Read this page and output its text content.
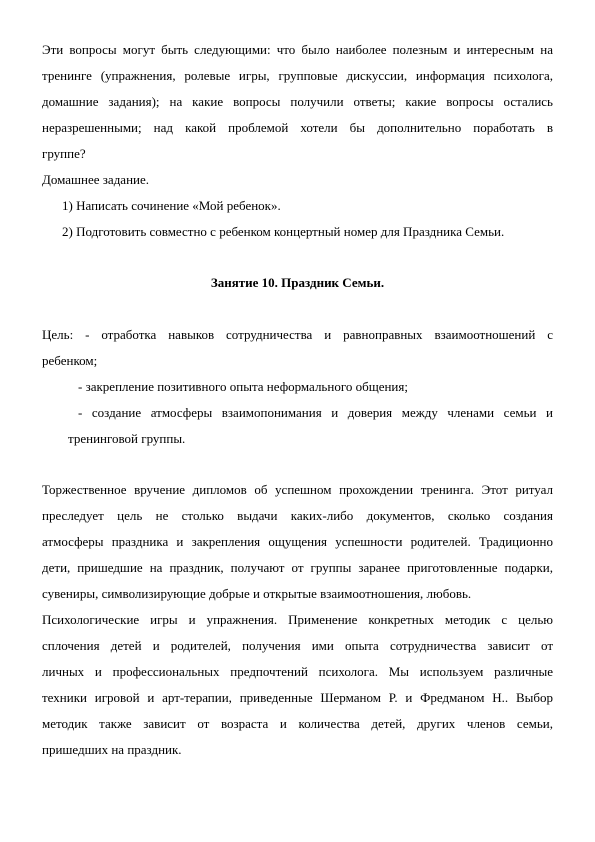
Эти вопросы могут быть следующими: что было наиболее полезным и интересным на

тренинге (упражнения, ролевые игры, групповые дискуссии, информация психолога,

домашние задания); на какие вопросы получили ответы; какие вопросы остались

неразрешенными; над какой проблемой хотели бы дополнительно поработать в

группе?

Домашнее задание.

1) Написать сочинение «Мой ребенок».

2) Подготовить совместно с ребенком концертный номер для Праздника Семьи.

Занятие 10. Праздник Семьи.

Цель: - отработка навыков сотрудничества и равноправных взаимоотношений с

ребенком;

- закрепление позитивного опыта неформального общения;

- создание атмосферы взаимопонимания и доверия между членами семьи и

тренинговой группы.

Торжественное вручение дипломов об успешном прохождении тренинга. Этот ритуал

преследует цель не столько выдачи каких-либо документов, сколько создания

атмосферы праздника и закрепления ощущения успешности родителей. Традиционно

дети, пришедшие на праздник, получают от группы заранее приготовленные подарки,

сувениры, символизирующие добрые и открытые взаимоотношения, любовь.

Психологические игры и упражнения. Применение конкретных методик с целью

сплочения детей и родителей, получения ими опыта сотрудничества зависит от

личных и профессиональных предпочтений психолога. Мы используем различные

техники игровой и арт-терапии, приведенные Шерманом Р. и Фредманом Н.. Выбор

методик также зависит от возраста и количества детей, других членов семьи,

пришедших на праздник.
